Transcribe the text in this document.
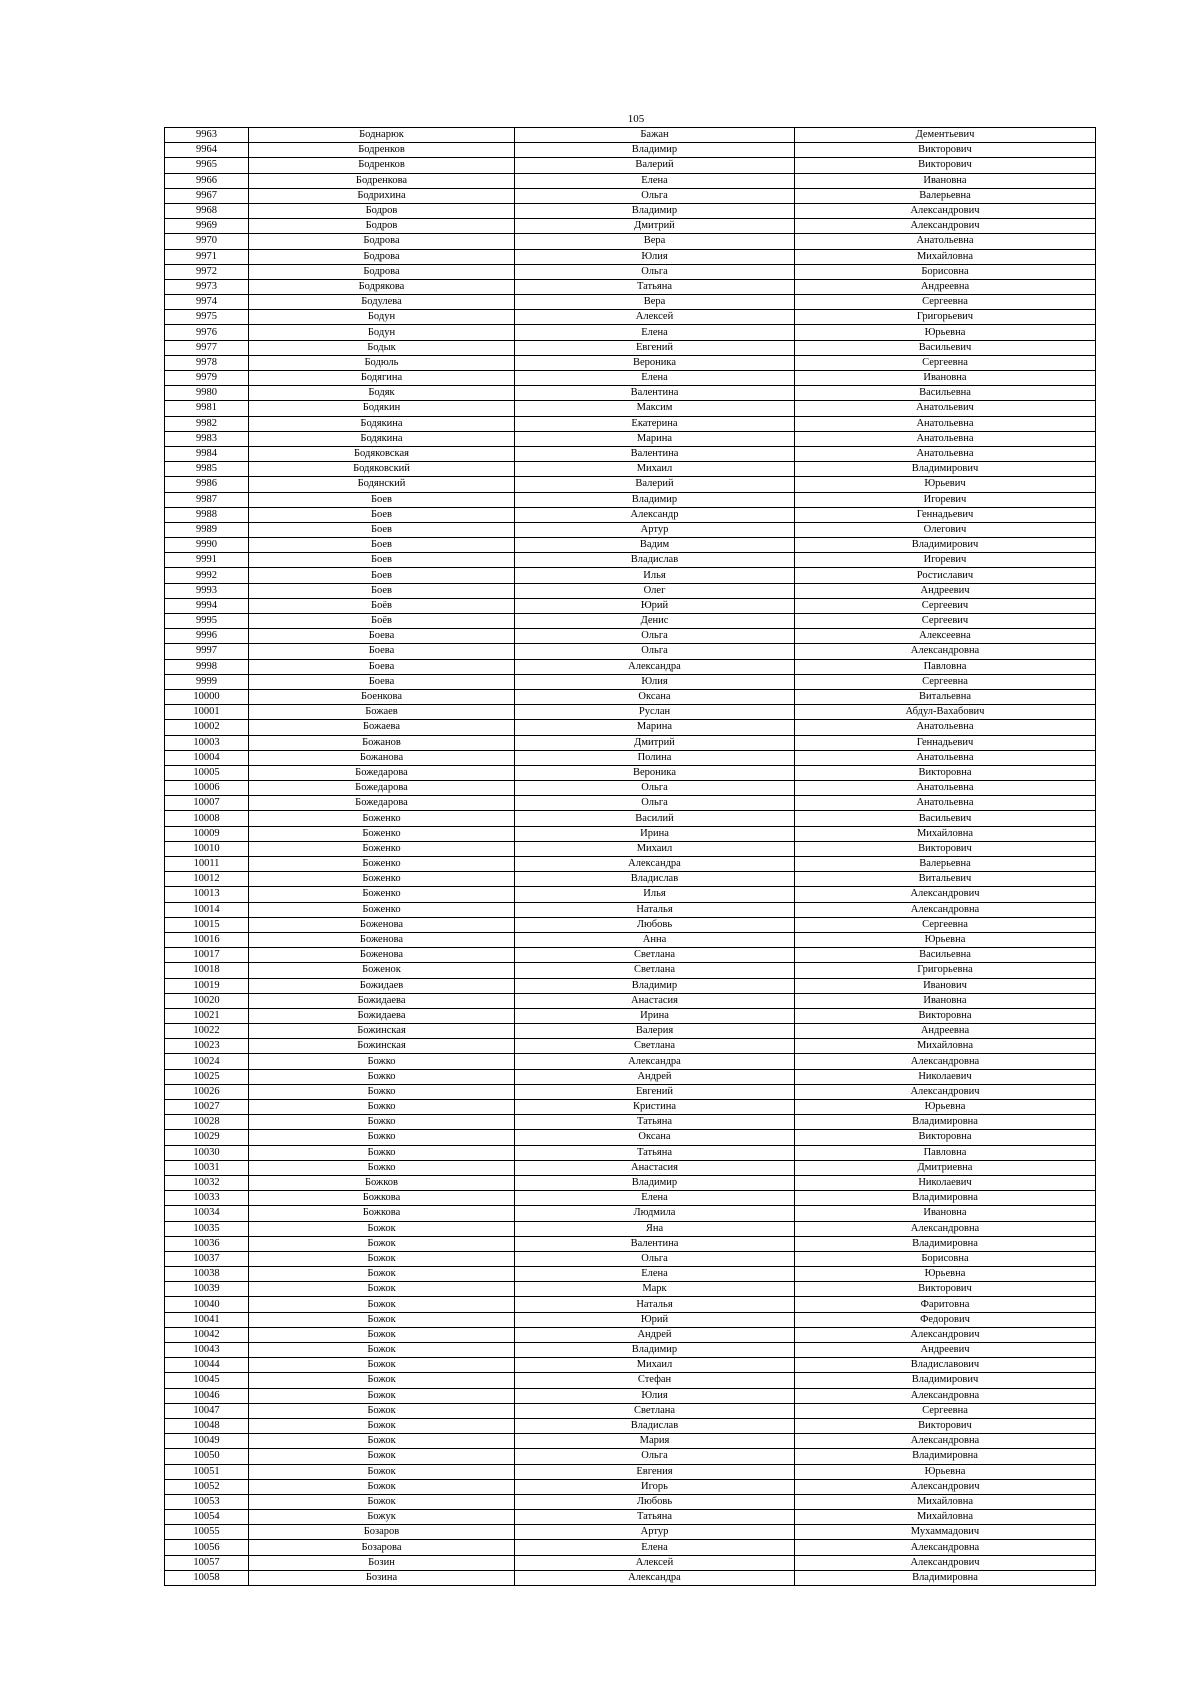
105
9963	Боднарюк	Бажан	Дементьевич
9964	Бодренков	Владимир	Викторович
9965	Бодренков	Валерий	Викторович
9966	Бодренкова	Елена	Ивановна
9967	Бодрихина	Ольга	Валерьевна
9968	Бодров	Владимир	Александрович
9969	Бодров	Дмитрий	Александрович
9970	Бодрова	Вера	Анатольевна
9971	Бодрова	Юлия	Михайловна
9972	Бодрова	Ольга	Борисовна
9973	Бодрякова	Татьяна	Андреевна
9974	Бодулева	Вера	Сергеевна
9975	Бодун	Алексей	Григорьевич
9976	Бодун	Елена	Юрьевна
9977	Бодык	Евгений	Васильевич
9978	Бодюль	Вероника	Сергеевна
9979	Бодягина	Елена	Ивановна
9980	Бодяк	Валентина	Васильевна
9981	Бодякин	Максим	Анатольевич
9982	Бодякина	Екатерина	Анатольевна
9983	Бодякина	Марина	Анатольевна
9984	Бодяковская	Валентина	Анатольевна
9985	Бодяковский	Михаил	Владимирович
9986	Бодянский	Валерий	Юрьевич
9987	Боев	Владимир	Игоревич
9988	Боев	Александр	Геннадьевич
9989	Боев	Артур	Олегович
9990	Боев	Вадим	Владимирович
9991	Боев	Владислав	Игоревич
9992	Боев	Илья	Ростиславич
9993	Боев	Олег	Андреевич
9994	Боёв	Юрий	Сергеевич
9995	Боёв	Денис	Сергеевич
9996	Боева	Ольга	Алексеевна
9997	Боева	Ольга	Александровна
9998	Боева	Александра	Павловна
9999	Боева	Юлия	Сергеевна
10000	Боенкова	Оксана	Витальевна
10001	Божаев	Руслан	Абдул-Вахабович
10002	Божаева	Марина	Анатольевна
10003	Божанов	Дмитрий	Геннадьевич
10004	Божанова	Полина	Анатольевна
10005	Божедарова	Вероника	Викторовна
10006	Божедарова	Ольга	Анатольевна
10007	Божедарова	Ольга	Анатольевна
10008	Боженко	Василий	Васильевич
10009	Боженко	Ирина	Михайловна
10010	Боженко	Михаил	Викторович
10011	Боженко	Александра	Валерьевна
10012	Боженко	Владислав	Витальевич
10013	Боженко	Илья	Александрович
10014	Боженко	Наталья	Александровна
10015	Боженова	Любовь	Сергеевна
10016	Боженова	Анна	Юрьевна
10017	Боженова	Светлана	Васильевна
10018	Боженок	Светлана	Григорьевна
10019	Божидаев	Владимир	Иванович
10020	Божидаева	Анастасия	Ивановна
10021	Божидаева	Ирина	Викторовна
10022	Божинская	Валерия	Андреевна
10023	Божинская	Светлана	Михайловна
10024	Божко	Александра	Александровна
10025	Божко	Андрей	Николаевич
10026	Божко	Евгений	Александрович
10027	Божко	Кристина	Юрьевна
10028	Божко	Татьяна	Владимировна
10029	Божко	Оксана	Викторовна
10030	Божко	Татьяна	Павловна
10031	Божко	Анастасия	Дмитриевна
10032	Божков	Владимир	Николаевич
10033	Божкова	Елена	Владимировна
10034	Божкова	Людмила	Ивановна
10035	Божок	Яна	Александровна
10036	Божок	Валентина	Владимировна
10037	Божок	Ольга	Борисовна
10038	Божок	Елена	Юрьевна
10039	Божок	Марк	Викторович
10040	Божок	Наталья	Фаритовна
10041	Божок	Юрий	Федорович
10042	Божок	Андрей	Александрович
10043	Божок	Владимир	Андреевич
10044	Божок	Михаил	Владиславович
10045	Божок	Стефан	Владимирович
10046	Божок	Юлия	Александровна
10047	Божок	Светлана	Сергеевна
10048	Божок	Владислав	Викторович
10049	Божок	Мария	Александровна
10050	Божок	Ольга	Владимировна
10051	Божок	Евгения	Юрьевна
10052	Божок	Игорь	Александрович
10053	Божок	Любовь	Михайловна
10054	Божук	Татьяна	Михайловна
10055	Бозаров	Артур	Мухаммадович
10056	Бозарова	Елена	Александровна
10057	Бозин	Алексей	Александрович
10058	Бозина	Александра	Владимировна
